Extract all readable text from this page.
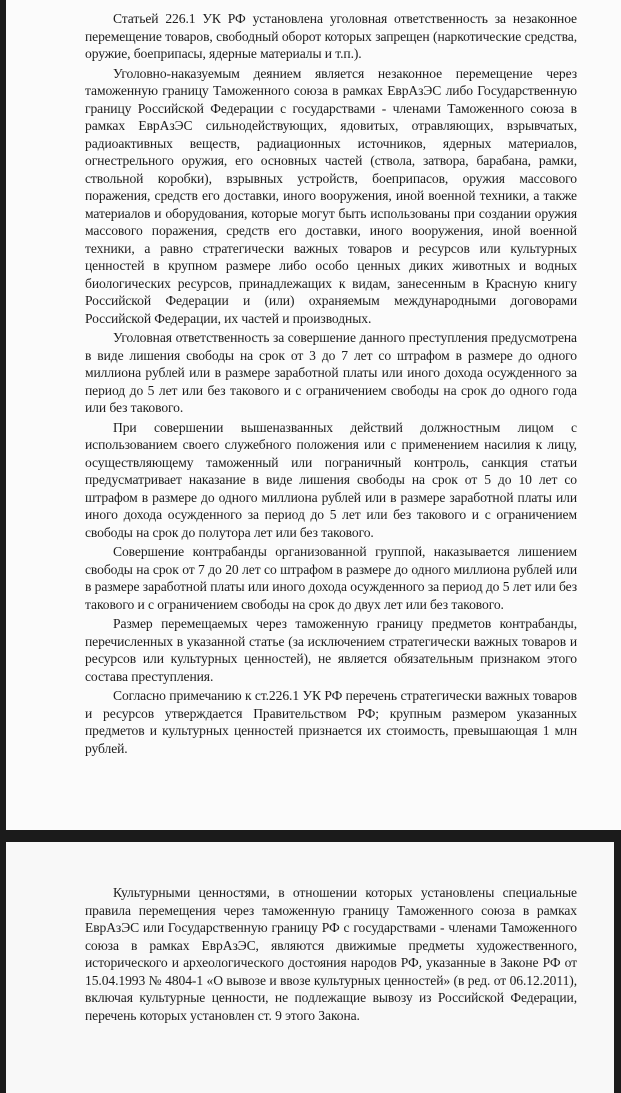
Статьей 226.1 УК РФ установлена уголовная ответственность за незаконное перемещение товаров, свободный оборот которых запрещен (наркотические средства, оружие, боеприпасы, ядерные материалы и т.п.).

Уголовно-наказуемым деянием является незаконное перемещение через таможенную границу Таможенного союза в рамках ЕврАзЭС либо Государственную границу Российской Федерации с государствами - членами Таможенного союза в рамках ЕврАзЭС сильнодействующих, ядовитых, отравляющих, взрывчатых, радиоактивных веществ, радиационных источников, ядерных материалов, огнестрельного оружия, его основных частей (ствола, затвора, барабана, рамки, ствольной коробки), взрывных устройств, боеприпасов, оружия массового поражения, средств его доставки, иного вооружения, иной военной техники, а также материалов и оборудования, которые могут быть использованы при создании оружия массового поражения, средств его доставки, иного вооружения, иной военной техники, а равно стратегически важных товаров и ресурсов или культурных ценностей в крупном размере либо особо ценных диких животных и водных биологических ресурсов, принадлежащих к видам, занесенным в Красную книгу Российской Федерации и (или) охраняемым международными договорами Российской Федерации, их частей и производных.

Уголовная ответственность за совершение данного преступления предусмотрена в виде лишения свободы на срок от 3 до 7 лет со штрафом в размере до одного миллиона рублей или в размере заработной платы или иного дохода осужденного за период до 5 лет или без такового и с ограничением свободы на срок до одного года или без такового.

При совершении вышеназванных действий должностным лицом с использованием своего служебного положения или с применением насилия к лицу, осуществляющему таможенный или пограничный контроль, санкция статьи предусматривает наказание в виде лишения свободы на срок от 5 до 10 лет со штрафом в размере до одного миллиона рублей или в размере заработной платы или иного дохода осужденного за период до 5 лет или без такового и с ограничением свободы на срок до полутора лет или без такового.

Совершение контрабанды организованной группой, наказывается лишением свободы на срок от 7 до 20 лет со штрафом в размере до одного миллиона рублей или в размере заработной платы или иного дохода осужденного за период до 5 лет или без такового и с ограничением свободы на срок до двух лет или без такового.

Размер перемещаемых через таможенную границу предметов контрабанды, перечисленных в указанной статье (за исключением стратегически важных товаров и ресурсов или культурных ценностей), не является обязательным признаком этого состава преступления.

Согласно примечанию к ст.226.1 УК РФ перечень стратегически важных товаров и ресурсов утверждается Правительством РФ; крупным размером указанных предметов и культурных ценностей признается их стоимость, превышающая 1 млн рублей.

Культурными ценностями, в отношении которых установлены специальные правила перемещения через таможенную границу Таможенного союза в рамках ЕврАзЭС или Государственную границу РФ с государствами - членами Таможенного союза в рамках ЕврАзЭС, являются движимые предметы художественного, исторического и археологического достояния народов РФ, указанные в Законе РФ от 15.04.1993 № 4804-1 «О вывозе и ввозе культурных ценностей» (в ред. от 06.12.2011), включая культурные ценности, не подлежащие вывозу из Российской Федерации, перечень которых установлен ст. 9 этого Закона.
